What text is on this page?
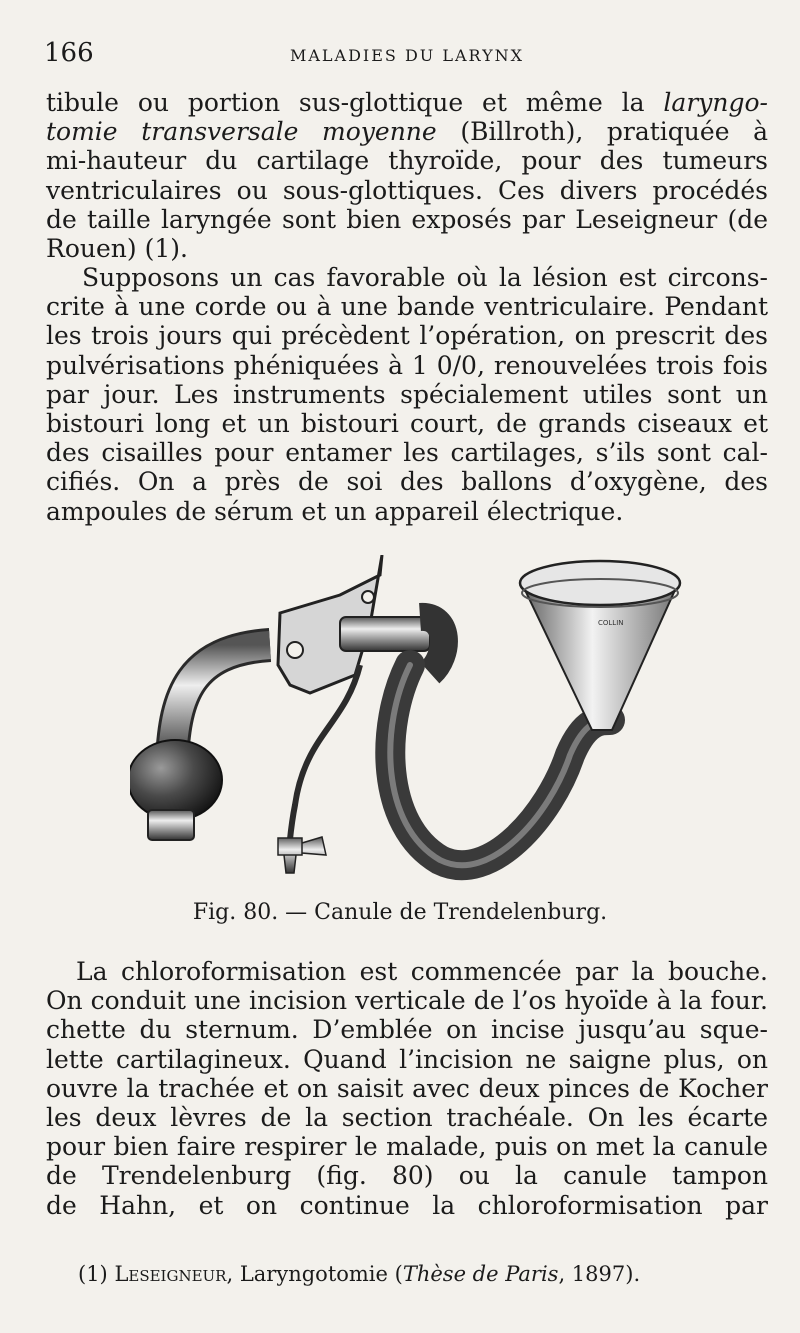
166	MALADIES DU LARYNX

tibule ou portion sus-glottique et même la laryngo-
tomie transversale moyenne (Billroth), pratiquée à
mi-hauteur du cartilage thyroïde, pour des tumeurs
ventriculaires ou sous-glottiques. Ces divers procédés
de taille laryngée sont bien exposés par Leseigneur (de
Rouen) (1).

Supposons un cas favorable où la lésion est circons-
crite à une corde ou à une bande ventriculaire. Pendant
les trois jours qui précèdent l’opération, on prescrit des
pulvérisations phéniquées à 1 0/0, renouvelées trois fois
par jour. Les instruments spécialement utiles sont un
bistouri long et un bistouri court, de grands ciseaux et
des cisailles pour entamer les cartilages, s’ils sont cal-
cifiés. On a près de soi des ballons d’oxygène, des
ampoules de sérum et un appareil électrique.

COLLIN
Fig. 80. — Canule de Trendelenburg.

La chloroformisation est commencée par la bouche.
On conduit une incision verticale de l’os hyoïde à la four.
chette du sternum. D’emblée on incise jusqu’au sque-
lette cartilagineux. Quand l’incision ne saigne plus, on
ouvre la trachée et on saisit avec deux pinces de Kocher
les deux lèvres de la section trachéale. On les écarte
pour bien faire respirer le malade, puis on met la canule
de Trendelenburg (fig. 80) ou la canule tampon
de Hahn, et on continue la chloroformisation par

(1) Leseigneur, Laryngotomie (Thèse de Paris, 1897).
